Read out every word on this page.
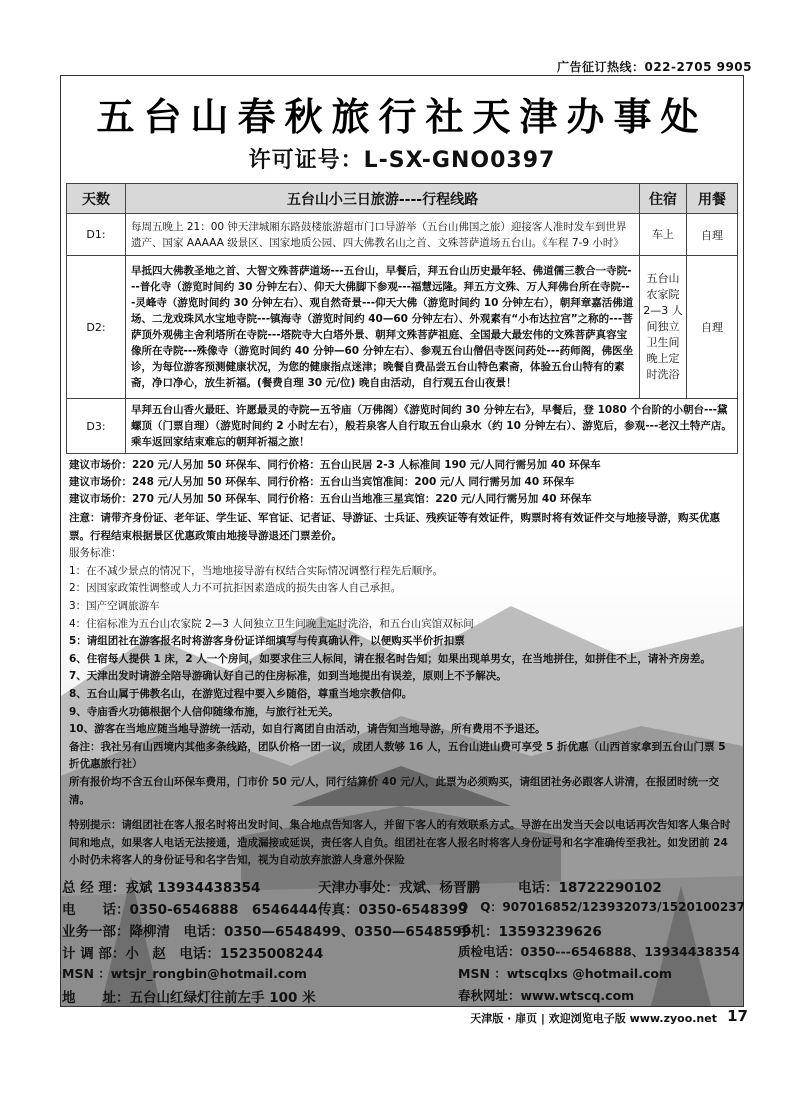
广告征订热线：022-2705 9905
五台山春秋旅行社天津办事处
许可证号：L-SX-GNO0397
天数	五台山小三日旅游----行程线路	住宿	用餐
D1:	每周五晚上 21：00 钟天津城厢东路鼓楼旅游超市门口导游举（五台山佛国之旅）迎接客人准时发车到世界遗产、国家 AAAAA 级景区、国家地质公园、四大佛教名山之首、文殊菩萨道场五台山。《车程 7-9 小时》	车上	自理
D2:	早抵四大佛教圣地之首、大智文殊菩萨道场---五台山，早餐后，拜五台山历史最年轻、佛道儒三教合一寺院---普化寺（游览时间约 30 分钟左右）、仰天大佛脚下参观---福慧远隆。拜五方文殊、万人拜佛台所在寺院---灵峰寺（游览时间约 30 分钟左右）、观自然奇景---仰天大佛（游览时间约 10 分钟左右），朝拜章嘉活佛道场、二龙戏珠风水宝地寺院---镇海寺（游览时间约 40—60 分钟左右）、外观素有“小布达拉宫”之称的---菩萨顶外观佛主舍利塔所在寺院---塔院寺大白塔外景、朝拜文殊菩萨祖庭、全国最大最宏伟的文殊菩萨真容宝像所在寺院---殊像寺（游览时间约 40 分钟—60 分钟左右）、参观五台山僧侣寺医问药处---药师阁，佛医坐诊，为每位游客预测健康状况，为您的健康指点迷津；晚餐自费品尝五台山特色素斋，体验五台山特有的素斋，净口净心，放生祈福。(餐费自理 30 元/位) 晚自由活动，自行观五台山夜景！	五台山农家院 2—3 人间独立卫生间晚上定时洗浴	自理
D3:	早拜五台山香火最旺、许愿最灵的寺院—五爷庙（万佛阁）《游览时间约 30 分钟左右》，早餐后，登 1080 个台阶的小朝台---黛螺顶（门票自理）（游览时间约 2 小时左右），般若泉客人自行取五台山泉水（约 10 分钟左右）、游览后，参观---老汉土特产店。乘车返回家结束难忘的朝拜祈福之旅！		
建议市场价：220 元/人另加 50 环保车、同行价格：五台山民居 2-3 人标准间 190 元/人同行需另加 40 环保车
建议市场价：248 元/人另加 50 环保车、同行价格：五台山当宾馆准间：200 元/人 同行需另加 40 环保车
建议市场价：270 元/人另加 50 环保车、同行价格：五台山当地准三星宾馆：220 元/人同行需另加 40 环保车
注意：请带齐身份证、老年证、学生证、军官证、记者证、导游证、士兵证、残疾证等有效证件，购票时将有效证件交与地接导游，购买优惠票。行程结束根据景区优惠政策由地接导游退还门票差价。
服务标准：
1：在不减少景点的情况下，当地地接导游有权结合实际情况调整行程先后顺序。
2：因国家政策性调整或人力不可抗拒因素造成的损失由客人自己承担。
3：国产空调旅游车
4：住宿标准为五台山农家院 2—3 人间独立卫生间晚上定时洗浴，和五台山宾馆双标间
5：请组团社在游客报名时将游客身份证详细填写与传真确认件，以便购买半价折扣票
6、住宿每人提供 1 床，2 人一个房间，如要求住三人标间，请在报名时告知；如果出现单男女，在当地拼住，如拼住不上，请补齐房差。
7、天津出发时请游全陪导游确认好自己的住房标准，如到当地提出有误差，原则上不予解决。
8、五台山属于佛教名山，在游览过程中要入乡随俗，尊重当地宗教信仰。
9、寺庙香火功德根据个人信仰随缘布施，与旅行社无关。
10、游客在当地应随当地导游统一活动，如自行离团自由活动，请告知当地导游，所有费用不予退还。
备注：我社另有山西境内其他多条线路，团队价格一团一议，成团人数够 16 人，五台山进山费可享受 5 折优惠（山西首家拿到五台山门票 5 折优惠旅行社）
所有报价均不含五台山环保车费用，门市价 50 元/人，同行结算价 40 元/人，此票为必须购买，请组团社务必跟客人讲清，在报团时统一交清。
特别提示：请组团社在客人报名时将出发时间、集合地点告知客人，并留下客人的有效联系方式。导游在出发当天会以电话再次告知客人集合时间和地点，如果客人电话无法接通，造成漏接或延误，责任客人自负。组团社在客人报名时将客人身份证号和名字准确传至我社。如发团前 24 小时仍未将客人的身份证号和名字告知，视为自动放弃旅游人身意外保险
总 经 理：戎斌 13934438354	天津办事处：戎斌、杨晋鹏	电话：18722290102
电　　话：0350-6546888　6546444 传真：0350-6548399
Q　Q：907016852/123932073/1520100237
业务一部：降柳清　电话：0350—6548499、0350—6548599
手机：13593239626
计 调 部：小　赵　电话：15235008244	质检电话：0350---6546888、13934438354
MSN ：wtsjr_rongbin@hotmail.com	MSN ：wtscqlxs @hotmail.com
地　　址：五台山红绿灯往前左手 100 米	春秋网址：www.wtscq.com
天津版 · 扉页 | 欢迎浏览电子版 www.zyoo.net 17
